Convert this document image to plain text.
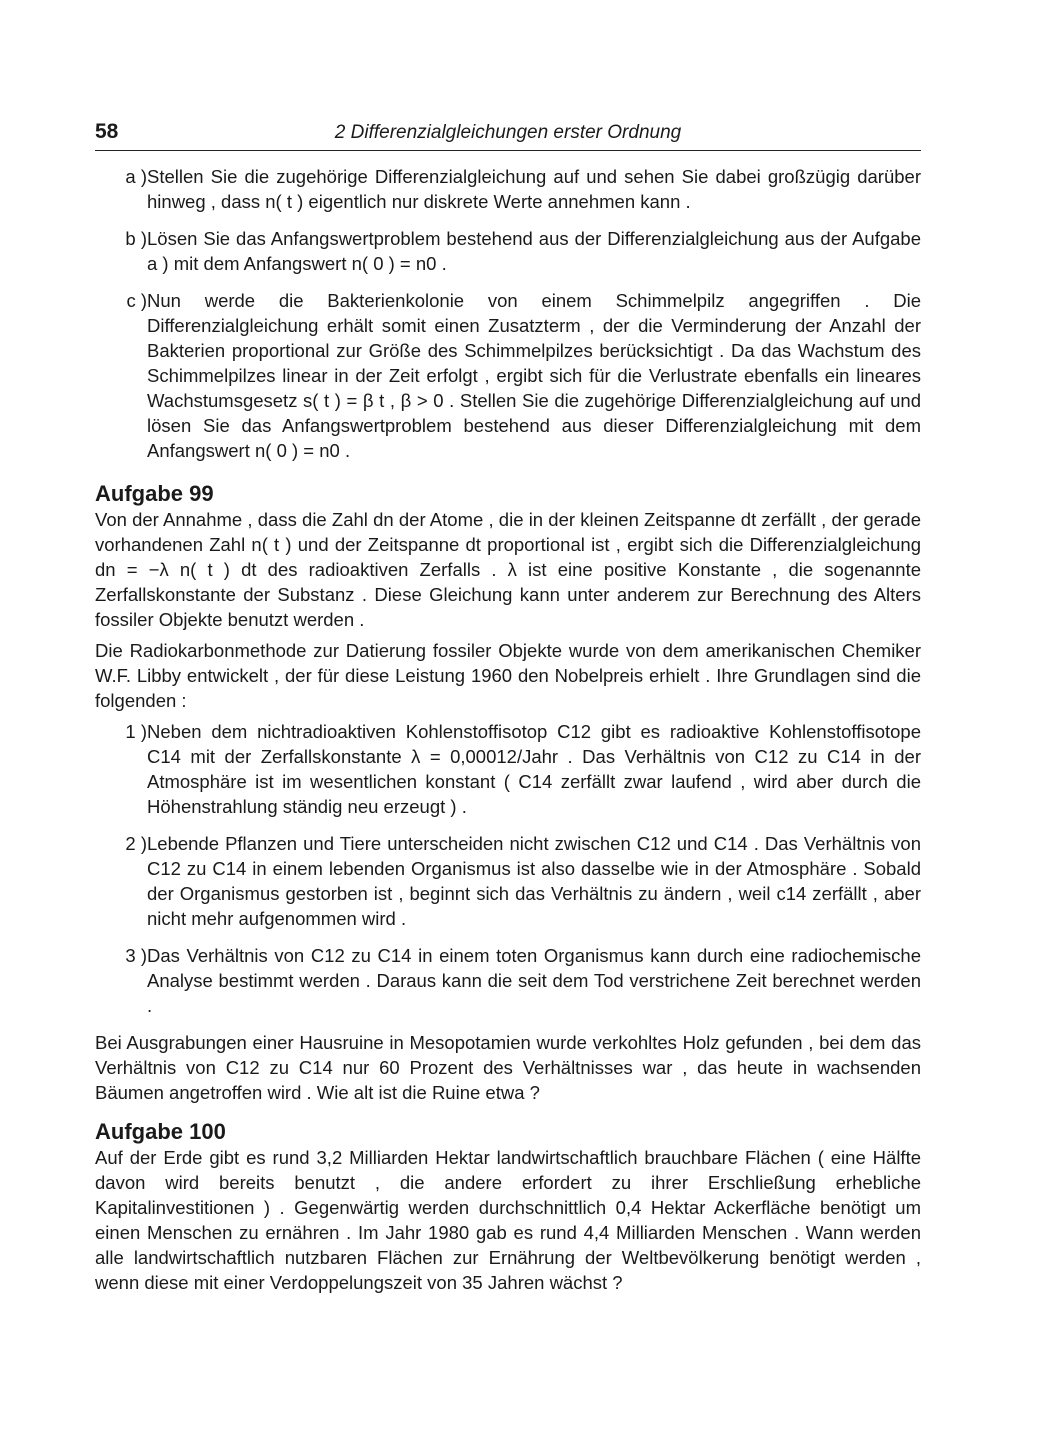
58	2 Differenzialgleichungen erster Ordnung
a ) Stellen Sie die zugehörige Differenzialgleichung auf und sehen Sie dabei großzügig darüber hinweg , dass n( t ) eigentlich nur diskrete Werte annehmen kann .

b ) Lösen Sie das Anfangswertproblem bestehend aus der Differenzialgleichung aus der Aufgabe a ) mit dem Anfangswert n( 0 ) = n0 .

c ) Nun werde die Bakterienkolonie von einem Schimmelpilz angegriffen . Die Differenzialgleichung erhält somit einen Zusatzterm , der die Verminderung der Anzahl der Bakterien proportional zur Größe des Schimmelpilzes berücksichtigt . Da das Wachstum des Schimmelpilzes linear in der Zeit erfolgt , ergibt sich für die Verlustrate ebenfalls ein lineares Wachstumsgesetz s( t ) = β t , β > 0 . Stellen Sie die zugehörige Differenzialgleichung auf und lösen Sie das Anfangswertproblem bestehend aus dieser Differenzialgleichung mit dem Anfangswert n( 0 ) = n0 .

Aufgabe 99

Von der Annahme , dass die Zahl dn der Atome , die in der kleinen Zeitspanne dt zerfällt , der gerade vorhandenen Zahl n( t ) und der Zeitspanne dt proportional ist , ergibt sich die Differenzialgleichung dn = −λ n( t ) dt des radioaktiven Zerfalls . λ ist eine positive Konstante , die sogenannte Zerfallskonstante der Substanz . Diese Gleichung kann unter anderem zur Berechnung des Alters fossiler Objekte benutzt werden .

Die Radiokarbonmethode zur Datierung fossiler Objekte wurde von dem amerikanischen Chemiker W.F. Libby entwickelt , der für diese Leistung 1960 den Nobelpreis erhielt . Ihre Grundlagen sind die folgenden :

1 ) Neben dem nichtradioaktiven Kohlenstoffisotop C12 gibt es radioaktive Kohlenstoffisotope C14 mit der Zerfallskonstante λ = 0,00012/Jahr . Das Verhältnis von C12 zu C14 in der Atmosphäre ist im wesentlichen konstant ( C14 zerfällt zwar laufend , wird aber durch die Höhenstrahlung ständig neu erzeugt ) .

2 ) Lebende Pflanzen und Tiere unterscheiden nicht zwischen C12 und C14 . Das Verhältnis von C12 zu C14 in einem lebenden Organismus ist also dasselbe wie in der Atmosphäre . Sobald der Organismus gestorben ist , beginnt sich das Verhältnis zu ändern , weil c14 zerfällt , aber nicht mehr aufgenommen wird .

3 ) Das Verhältnis von C12 zu C14 in einem toten Organismus kann durch eine radiochemische Analyse bestimmt werden . Daraus kann die seit dem Tod verstrichene Zeit berechnet werden .

Bei Ausgrabungen einer Hausruine in Mesopotamien wurde verkohltes Holz gefunden , bei dem das Verhältnis von C12 zu C14 nur 60 Prozent des Verhältnisses war , das heute in wachsenden Bäumen angetroffen wird . Wie alt ist die Ruine etwa ?

Aufgabe 100

Auf der Erde gibt es rund 3,2 Milliarden Hektar landwirtschaftlich brauchbare Flächen ( eine Hälfte davon wird bereits benutzt , die andere erfordert zu ihrer Erschließung erhebliche Kapitalinvestitionen ) . Gegenwärtig werden durchschnittlich 0,4 Hektar Ackerfläche benötigt um einen Menschen zu ernähren . Im Jahr 1980 gab es rund 4,4 Milliarden Menschen . Wann werden alle landwirtschaftlich nutzbaren Flächen zur Ernährung der Weltbevölkerung benötigt werden , wenn diese mit einer Verdoppelungszeit von 35 Jahren wächst ?
